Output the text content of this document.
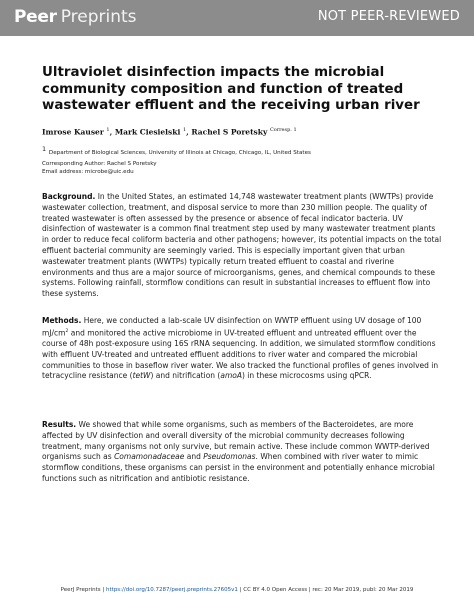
Peer Preprints	NOT PEER-REVIEWED
Ultraviolet disinfection impacts the microbial community composition and function of treated wastewater effluent and the receiving urban river
Imrose Kauser $^1$, Mark Ciesielski $^1$, Rachel S Poretsky $^{Corresp. 1}$
$^1$ Department of Biological Sciences, University of Illinois at Chicago, Chicago, IL, United States
Corresponding Author: Rachel S Poretsky
Email address: microbe@uic.edu

Background. In the United States, an estimated 14,748 wastewater treatment plants (WWTPs) provide wastewater collection, treatment, and disposal service to more than 230 million people. The quality of treated wastewater is often assessed by the presence or absence of fecal indicator bacteria. UV disinfection of wastewater is a common final treatment step used by many wastewater treatment plants in order to reduce fecal coliform bacteria and other pathogens; however, its potential impacts on the total effluent bacterial community are seemingly varied. This is especially important given that urban wastewater treatment plants (WWTPs) typically return treated effluent to coastal and riverine environments and thus are a major source of microorganisms, genes, and chemical compounds to these systems. Following rainfall, stormflow conditions can result in substantial increases to effluent flow into these systems.

Methods. Here, we conducted a lab-scale UV disinfection on WWTP effluent using UV dosage of 100 $mJ/cm^2$ and monitored the active microbiome in UV-treated effluent and untreated effluent over the course of 48h post-exposure using 16S rRNA sequencing. In addition, we simulated stormflow conditions with effluent UV-treated and untreated effluent additions to river water and compared the microbial communities to those in baseflow river water. We also tracked the functional profiles of genes involved in tetracycline resistance (tetW) and nitrification (amoA) in these microcosms using qPCR.

Results. We showed that while some organisms, such as members of the Bacteroidetes, are more affected by UV disinfection and overall diversity of the microbial community decreases following treatment, many organisms not only survive, but remain active. These include common WWTP-derived organisms such as Comamonadaceae and Pseudomonas. When combined with river water to mimic stormflow conditions, these organisms can persist in the environment and potentially enhance microbial functions such as nitrification and antibiotic resistance.

PeerJ Preprints | https://doi.org/10.7287/peerj.preprints.27605v1 | CC BY 4.0 Open Access | rec: 20 Mar 2019, publ: 20 Mar 2019
